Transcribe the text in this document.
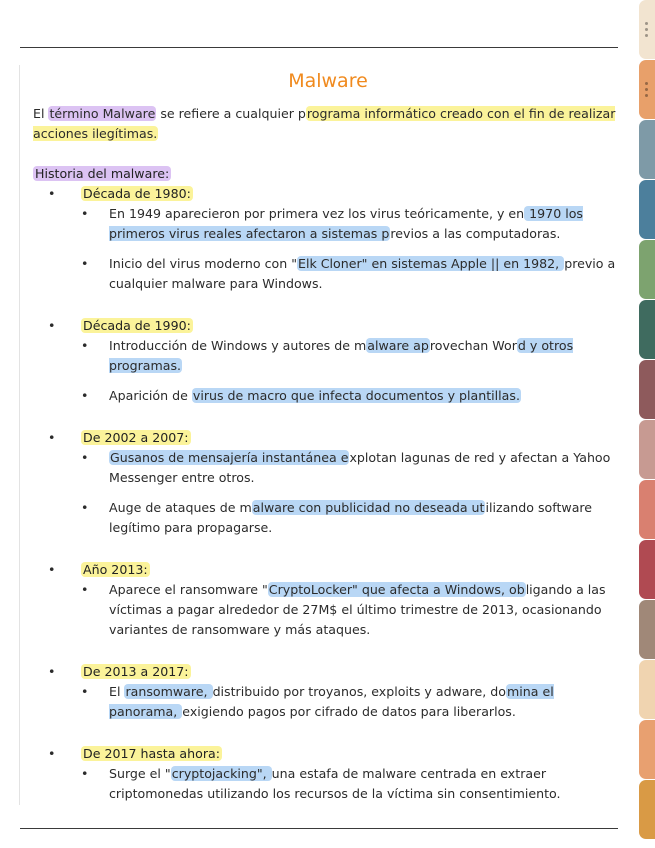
Malware

El término Malware se refiere a cualquier programa informático creado con el fin de realizar acciones ilegítimas.

Historia del malware:
• Década de 1980:
• En 1949 aparecieron por primera vez los virus teóricamente, y en 1970 los primeros virus reales afectaron a sistemas previos a las computadoras.
• Inicio del virus moderno con "Elk Cloner" en sistemas Apple || en 1982, previo a cualquier malware para Windows.
• Década de 1990:
• Introducción de Windows y autores de malware aprovechan Word y otros programas.
• Aparición de virus de macro que infecta documentos y plantillas.
• De 2002 a 2007:
• Gusanos de mensajería instantánea explotan lagunas de red y afectan a Yahoo Messenger entre otros.
• Auge de ataques de malware con publicidad no deseada utilizando software legítimo para propagarse.
• Año 2013:
• Aparece el ransomware "CryptoLocker" que afecta a Windows, obligando a las víctimas a pagar alrededor de 27M$ el último trimestre de 2013, ocasionando variantes de ransomware y más ataques.
• De 2013 a 2017:
• El ransomware, distribuido por troyanos, exploits y adware, domina el panorama, exigiendo pagos por cifrado de datos para liberarlos.
• De 2017 hasta ahora:
• Surge el "cryptojacking", una estafa de malware centrada en extraer criptomonedas utilizando los recursos de la víctima sin consentimiento.
